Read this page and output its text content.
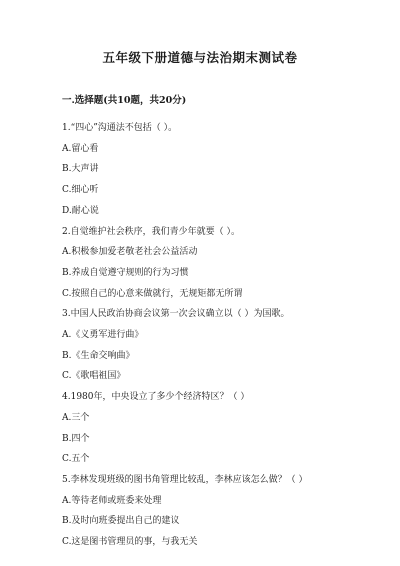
五年级下册道德与法治期末测试卷
一.选择题(共10题，共20分)
1.“四心”沟通法不包括（ ）。
A.留心看
B.大声讲
C.细心听
D.耐心说
2.自觉维护社会秩序，我们青少年就要（ ）。
A.积极参加爱老敬老社会公益活动
B.养成自觉遵守规则的行为习惯
C.按照自己的心意来做就行，无规矩都无所谓
3.中国人民政治协商会议第一次会议确立以（ ）为国歌。
A.《义勇军进行曲》
B.《生命交响曲》
C.《歌唱祖国》
4.1980年，中央设立了多少个经济特区？（ ）
A.三个
B.四个
C.五个
5.李林发现班级的图书角管理比较乱，李林应该怎么做？（ ）
A.等待老师或班委来处理
B.及时向班委提出自己的建议
C.这是图书管理员的事，与我无关
